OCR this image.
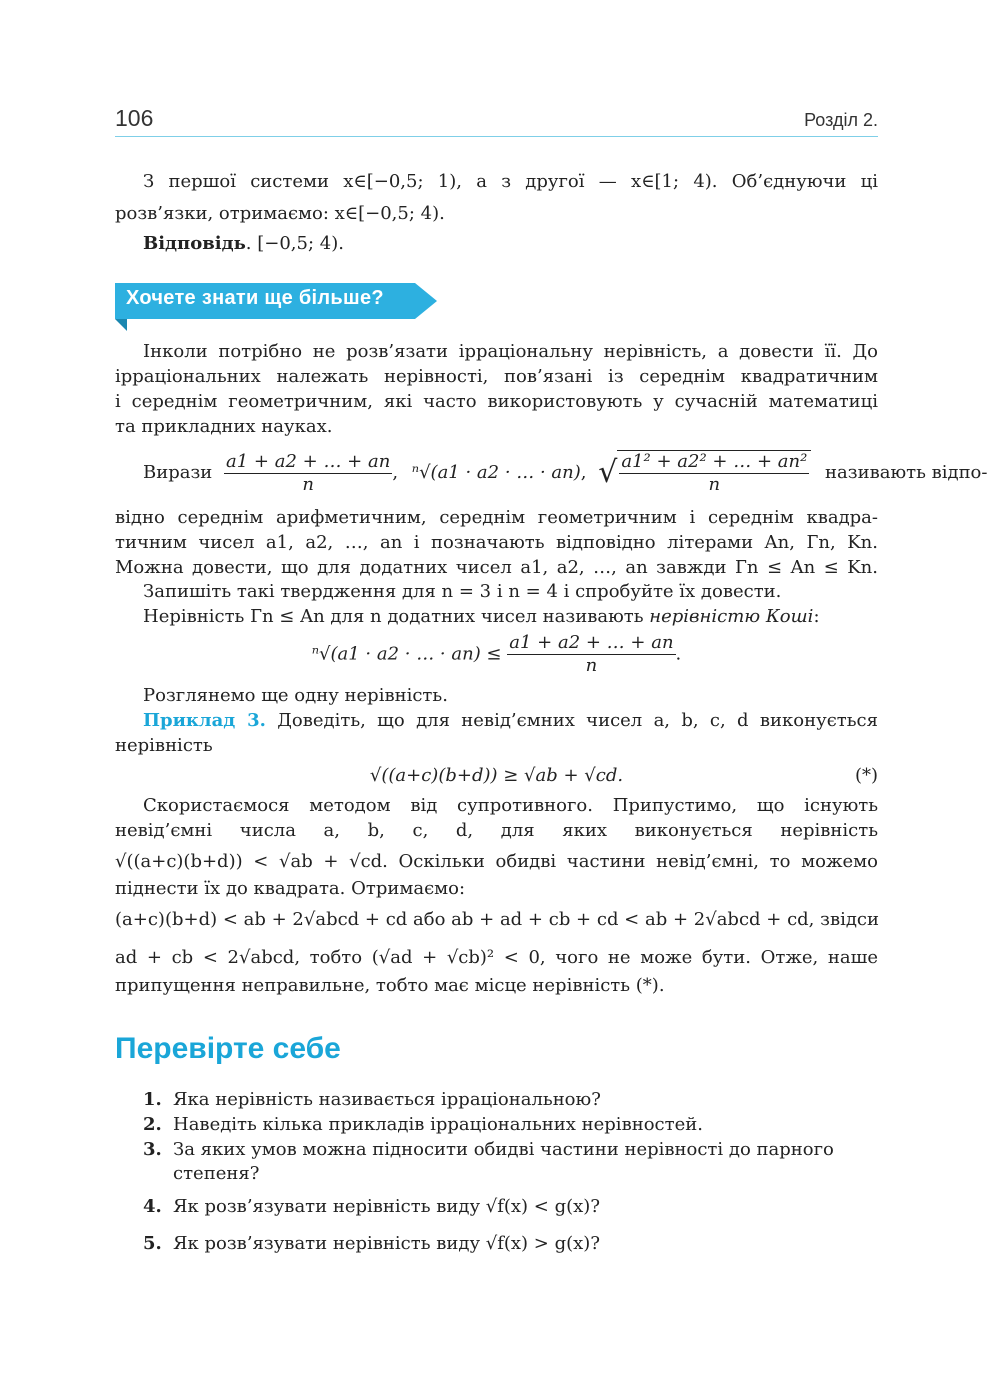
106	Розділ 2.
З першої системи x∈[−0,5; 1), а з другої — x∈[1; 4). Об’єднуючи ці
розв’язки, отримаємо: x∈[−0,5; 4).
Відповідь. [−0,5; 4).
Хочете знати ще більше?
Інколи потрібно не розв’язати ірраціональну нерівність, а довести її. До
ірраціональних належать нерівності, пов’язані із середнім квадратичним
і середнім геометричним, які часто використовують у сучасній математиці
та прикладних науках.
Вирази $\frac{a1 + a2 + \dots + an}{n}$ , ⁿ√(a1 · a2 · … · an), √ $\frac{\text{a1² + a2² + … + an²}}{n}$ називають відпо-
відно середнім арифметичним, середнім геометричним і середнім квадра-
тичним чисел a1, a2, …, an і позначають відповідно літерами An, Гn, Kn.
Можна довести, що для додатних чисел a1, a2, …, an завжди Гn ≤ An ≤ Kn.
Запишіть такі твердження для n = 3 і n = 4 і спробуйте їх довести.
Нерівність Гn ≤ An для n додатних чисел називають нерівністю Коші:
ⁿ√(a1 · a2 · … · $an) \le \frac{a1 + a2 + \dots + an}{n}$ .
Розглянемо ще одну нерівність.
Приклад 3. Доведіть, що для невід’ємних чисел a, b, c, d виконується
нерівність
√((a+c)(b+d)) ≥ √ab + √cd.	(*)
Скористаємося методом від супротивного. Припустимо, що існують
невід’ємні числа a, b, c, d, для яких виконується нерівність
√((a+c)(b+d)) < √ab + √cd. Оскільки обидві частини невід’ємні, то можемо
піднести їх до квадрата. Отримаємо:
(a+c)(b+d) < ab + 2√abcd + cd або ab + ad + cb + cd < ab + 2√abcd + cd, звідси
ad + cb < 2√abcd, тобто (√ad + √cb)² < 0, чого не може бути. Отже, наше
припущення неправильне, тобто має місце нерівність (*).
Перевірте себе
1. Яка нерівність називається ірраціональною?
2. Наведіть кілька прикладів ірраціональних нерівностей.
3. За яких умов можна підносити обидві частини нерівності до парного
степеня?
4. Як розв’язувати нерівність виду √f(x) < g(x)?
5. Як розв’язувати нерівність виду √f(x) > g(x)?
